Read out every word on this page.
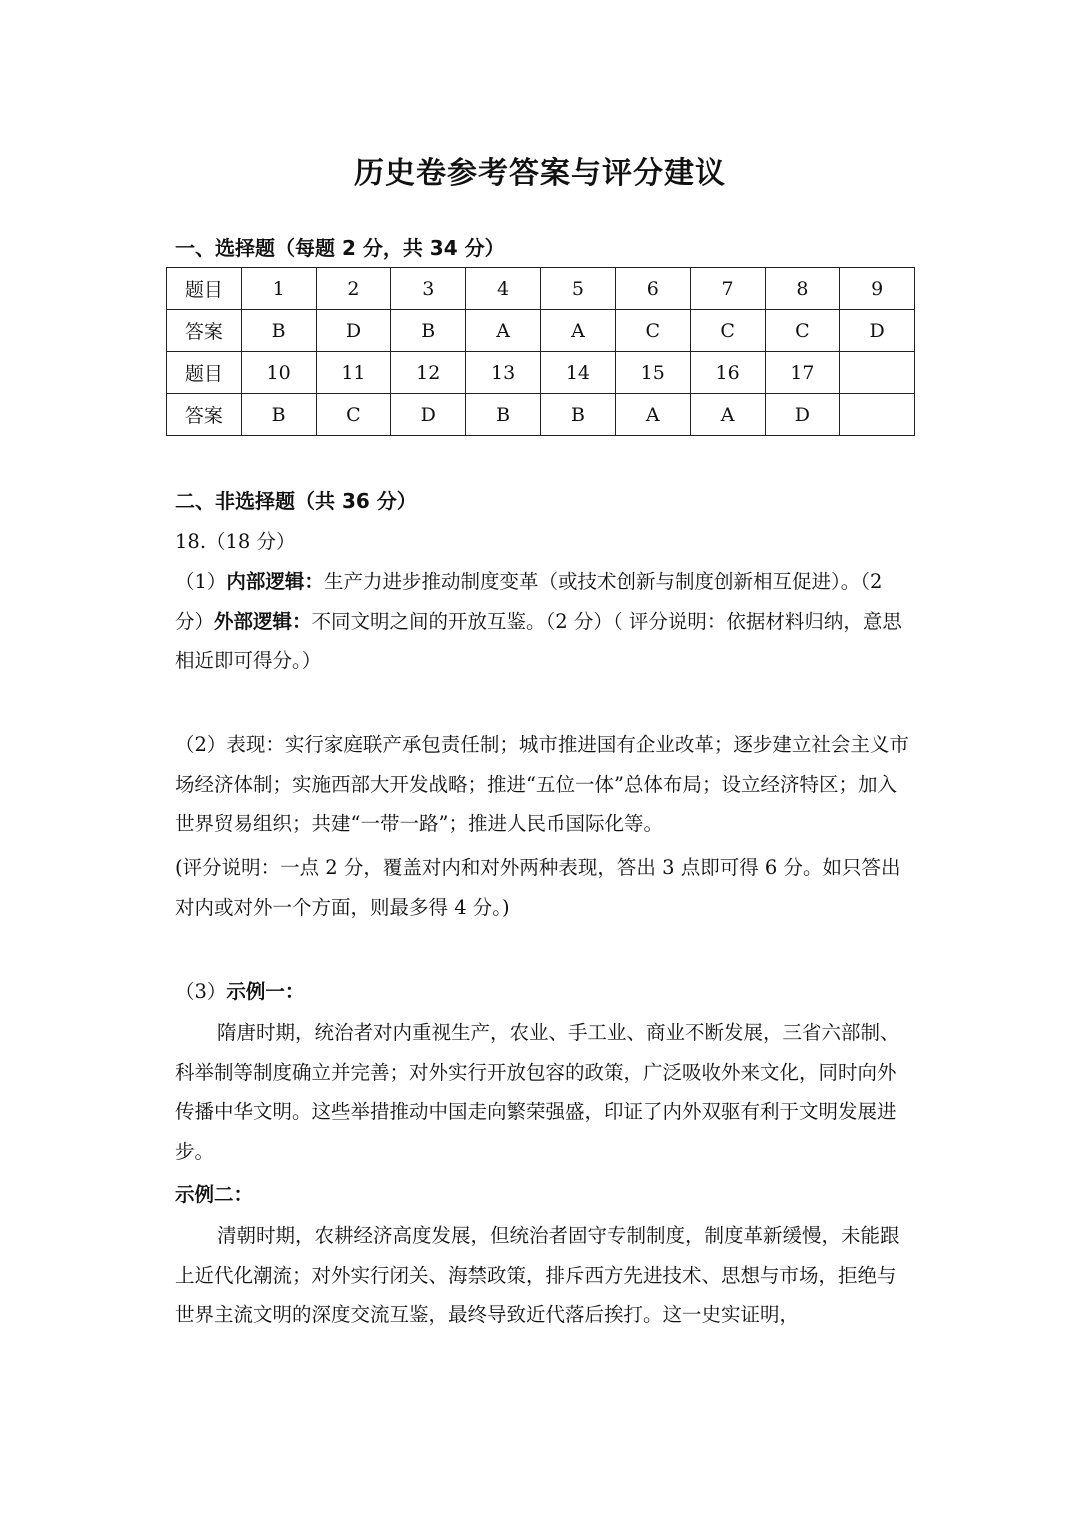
历史卷参考答案与评分建议
一、选择题（每题 2 分，共 34 分）
题目	1	2	3	4	5	6	7	8	9
答案	B	D	B	A	A	C	C	C	D
题目	10	11	12	13	14	15	16	17	
答案	B	C	D	B	B	A	A	D	
二、非选择题（共 36 分）
18.（18 分）
（1）内部逻辑：生产力进步推动制度变革（或技术创新与制度创新相互促进）。（2 分）外部逻辑：不同文明之间的开放互鉴。（2 分）（ 评分说明：依据材料归纳，意思相近即可得分。）
（2）表现：实行家庭联产承包责任制；城市推进国有企业改革；逐步建立社会主义市场经济体制；实施西部大开发战略；推进“五位一体”总体布局；设立经济特区；加入世界贸易组织；共建“一带一路”；推进人民币国际化等。
(评分说明：一点 2 分，覆盖对内和对外两种表现，答出 3 点即可得 6 分。如只答出对内或对外一个方面，则最多得 4 分。)
（3）示例一：
隋唐时期，统治者对内重视生产，农业、手工业、商业不断发展，三省六部制、科举制等制度确立并完善；对外实行开放包容的政策，广泛吸收外来文化，同时向外传播中华文明。这些举措推动中国走向繁荣强盛，印证了内外双驱有利于文明发展进步。
示例二：
清朝时期，农耕经济高度发展，但统治者固守专制制度，制度革新缓慢，未能跟上近代化潮流；对外实行闭关、海禁政策，排斥西方先进技术、思想与市场，拒绝与世界主流文明的深度交流互鉴，最终导致近代落后挨打。这一史实证明，
